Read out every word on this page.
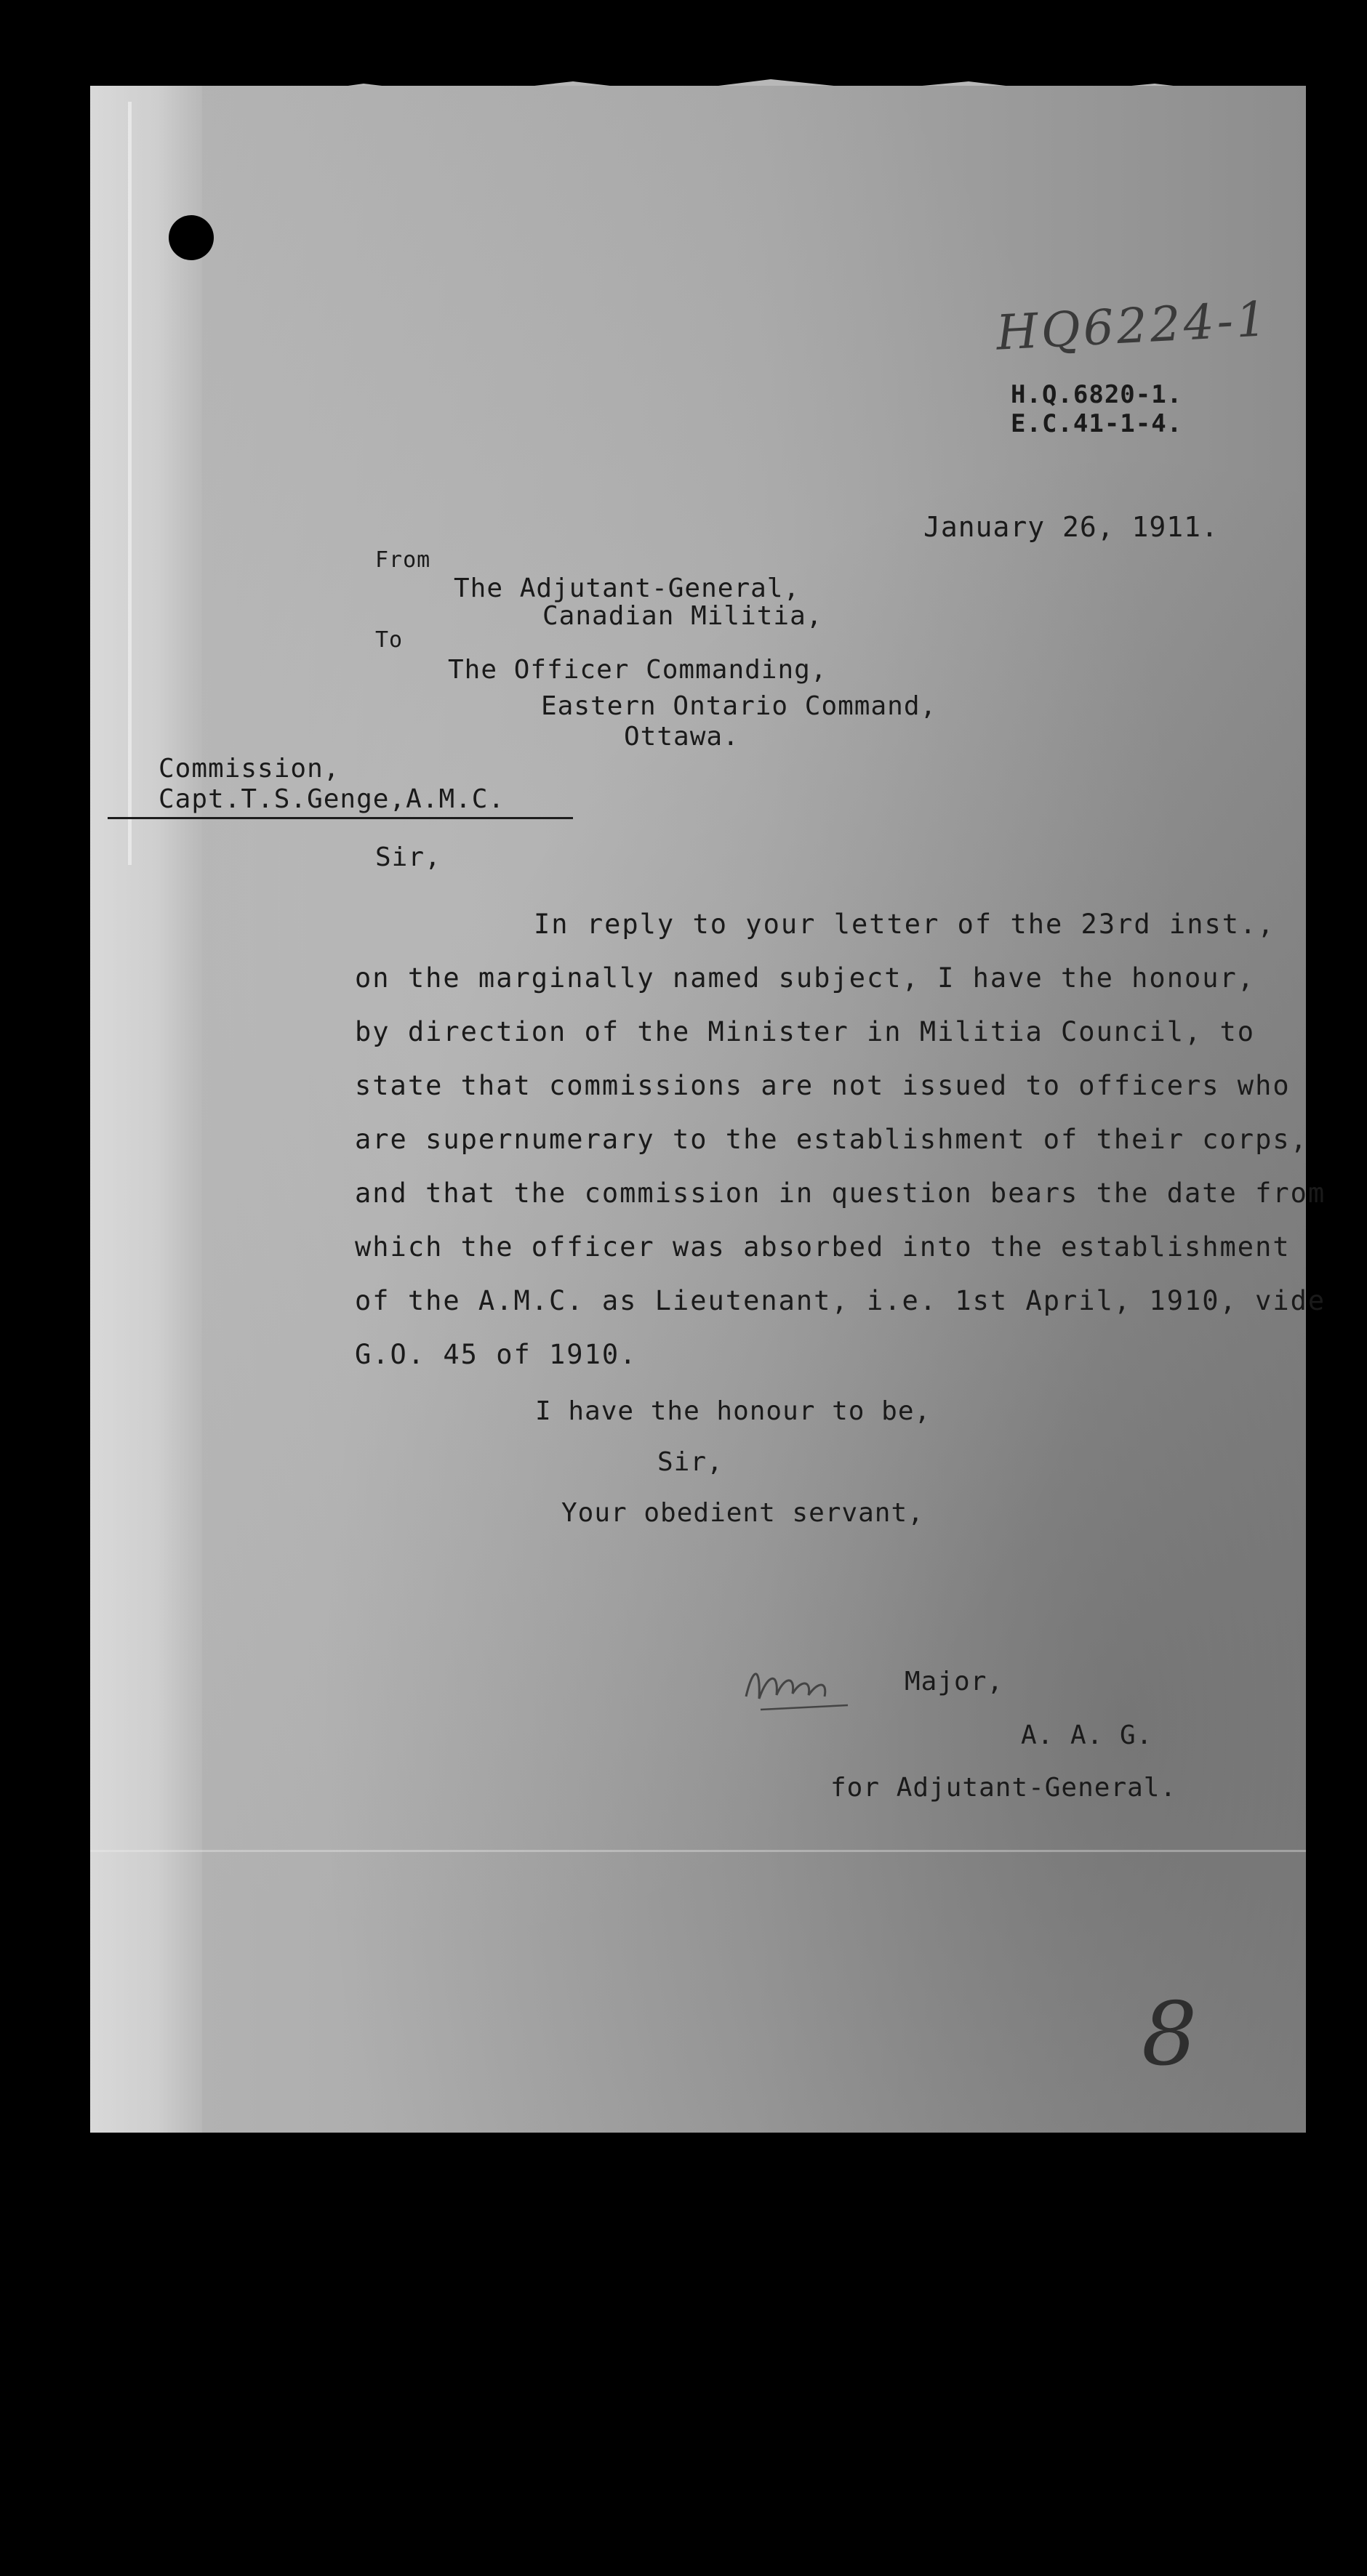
HQ6224-1
H.Q.6820-1.
E.C.41-1-4.
January 26, 1911.
From
The Adjutant-General,
Canadian Militia,
To
The Officer Commanding,
Eastern Ontario Command,
Ottawa.
Commission,
Capt.T.S.Genge,A.M.C.
Sir,
In reply to your letter of the 23rd inst.,
on the marginally named subject, I have the honour,
by direction of the Minister in Militia Council, to
state that commissions are not issued to officers who
are supernumerary to the establishment of their corps,
and that the commission in question bears the date from
which the officer was absorbed into the establishment
of the A.M.C. as Lieutenant, i.e. 1st April, 1910, vide
G.O. 45 of 1910.
I have the honour to be,
Sir,
Your obedient servant,
Major,
A. A. G.
for Adjutant-General.
8
